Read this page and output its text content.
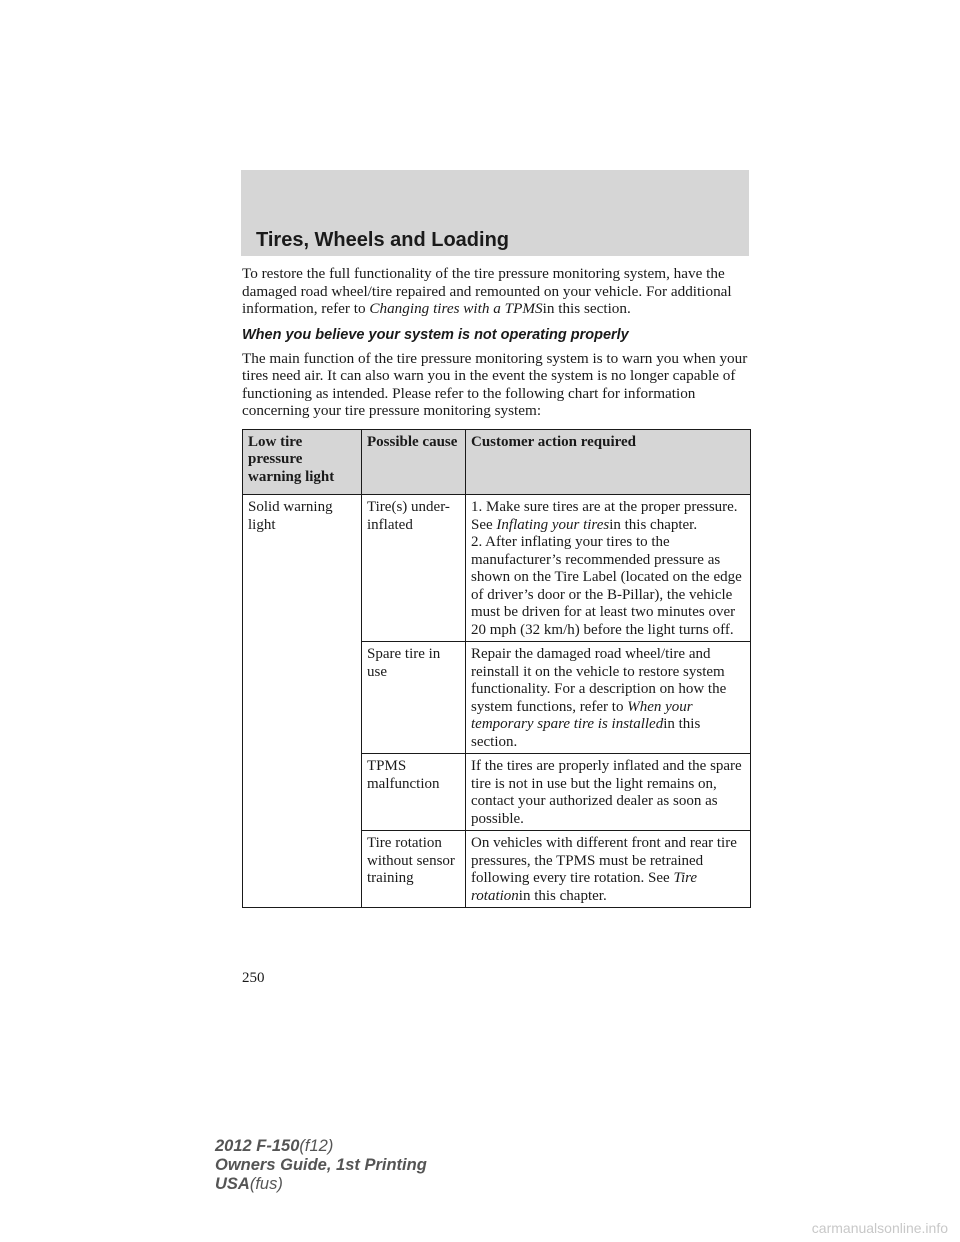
Tires, Wheels and Loading

To restore the full functionality of the tire pressure monitoring system, have the damaged road wheel/tire repaired and remounted on your vehicle. For additional information, refer to Changing tires with a TPMSin this section.

When you believe your system is not operating properly

The main function of the tire pressure monitoring system is to warn you when your tires need air. It can also warn you in the event the system is no longer capable of functioning as intended. Please refer to the following chart for information concerning your tire pressure monitoring system:

Low tire pressure warning light	Possible cause	Customer action required
Solid warning light	Tire(s) under-inflated	1. Make sure tires are at the proper pressure. See Inflating your tiresin this chapter.
2. After inflating your tires to the manufacturer’s recommended pressure as shown on the Tire Label (located on the edge of driver’s door or the B-Pillar), the vehicle must be driven for at least two minutes over 20 mph (32 km/h) before the light turns off.
	Spare tire in use	Repair the damaged road wheel/tire and reinstall it on the vehicle to restore system functionality. For a description on how the system functions, refer to When your temporary spare tire is installedin this section.
	TPMS malfunction	If the tires are properly inflated and the spare tire is not in use but the light remains on, contact your authorized dealer as soon as possible.
	Tire rotation without sensor training	On vehicles with different front and rear tire pressures, the TPMS must be retrained following every tire rotation. See Tire rotationin this chapter.
250
2012 F-150(f12)
Owners Guide, 1st Printing
USA(fus)
carmanualsonline.info
